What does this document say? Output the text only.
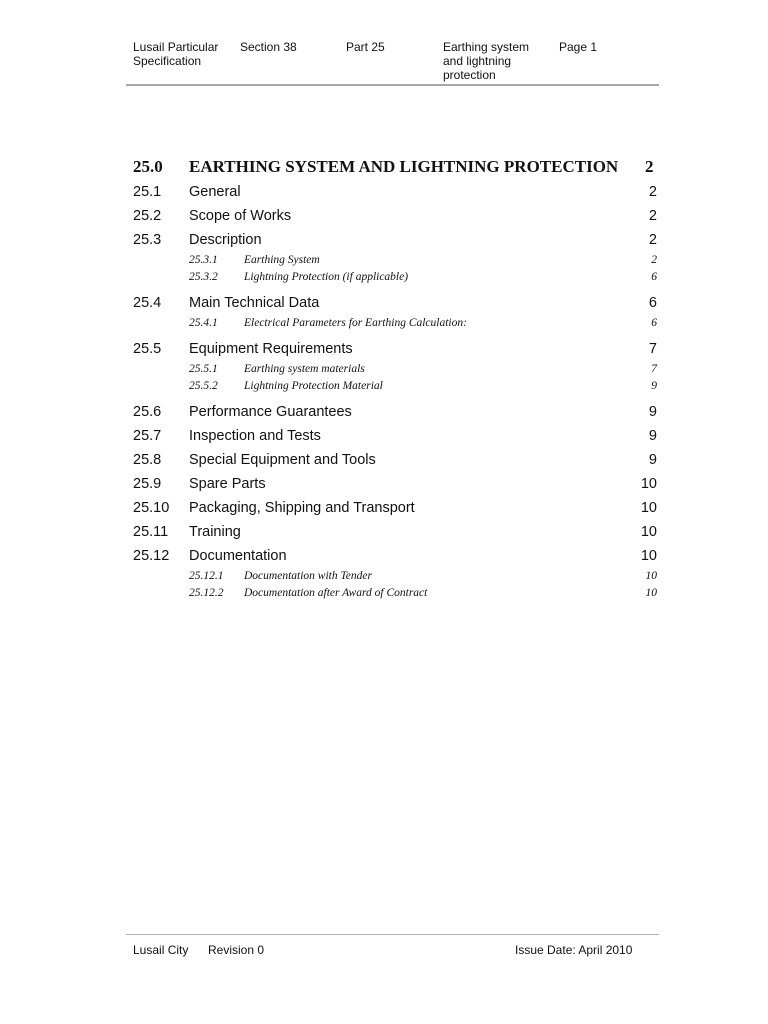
Lusail Particular
Specification
Section 38	Part 25	Earthing system
and lightning
protection
Page 1
25.0 EARTHING SYSTEM AND LIGHTNING PROTECTION 2
25.1 General	2
25.2 Scope of Works	2
25.3 Description	2
25.3.1 Earthing System	2
25.3.2 Lightning Protection (if applicable)	6
25.4 Main Technical Data	6
25.4.1 Electrical Parameters for Earthing Calculation:	6
25.5 Equipment Requirements	7
25.5.1 Earthing system materials	7
25.5.2 Lightning Protection Material	9
25.6 Performance Guarantees	9
25.7 Inspection and Tests	9
25.8 Special Equipment and Tools	9
25.9 Spare Parts	10
25.10 Packaging, Shipping and Transport	10
25.11 Training	10
25.12 Documentation	10
25.12.1 Documentation with Tender	10
25.12.2 Documentation after Award of Contract	10
Lusail City Revision 0	Issue Date: April 2010
